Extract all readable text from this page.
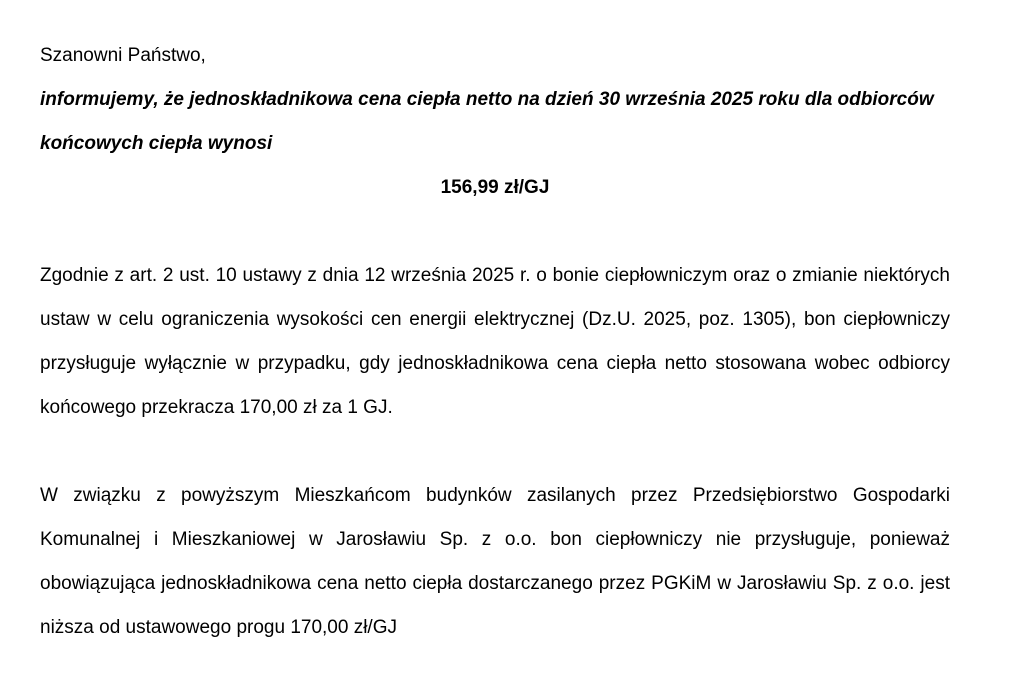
Szanowni Państwo,

informujemy, że jednoskładnikowa cena ciepła netto na dzień 30 września 2025 roku dla odbiorców końcowych ciepła wynosi

156,99 zł/GJ

Zgodnie z art. 2 ust. 10 ustawy z dnia 12 września 2025 r. o bonie ciepłowniczym oraz o zmianie niektórych ustaw w celu ograniczenia wysokości cen energii elektrycznej (Dz.U. 2025, poz. 1305), bon ciepłowniczy przysługuje wyłącznie w przypadku, gdy jednoskładnikowa cena ciepła netto stosowana wobec odbiorcy końcowego przekracza 170,00 zł za 1 GJ.

W związku z powyższym Mieszkańcom budynków zasilanych przez Przedsiębiorstwo Gospodarki Komunalnej i Mieszkaniowej w Jarosławiu Sp. z o.o. bon ciepłowniczy nie przysługuje, ponieważ obowiązująca jednoskładnikowa cena netto ciepła dostarczanego przez PGKiM w Jarosławiu Sp. z o.o. jest niższa od ustawowego progu 170,00 zł/GJ
